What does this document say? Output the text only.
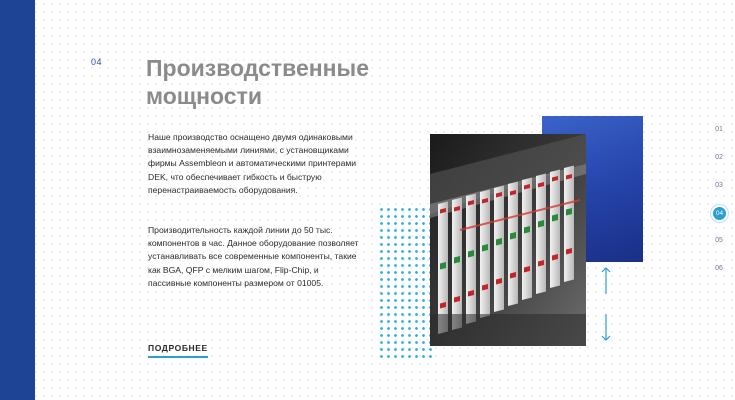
04 Производственные
мощности

Наше производство оснащено двумя одинаковыми взаимнозаменяемыми линиями, с установщиками фирмы Assembleon и автоматическими принтерами DEK, что обеспечивает гибкость и быструю перенастраиваемость оборудования.

Производительность каждой линии до 50 тыс. компонентов в час. Данное оборудование позволяет устанавливать все современные компоненты, такие как BGA, QFP с мелким шагом, Flip-Chip, и пассивные компоненты размером от 01005.

ПОДРОБНЕЕ
01
02
03
04
05
06
